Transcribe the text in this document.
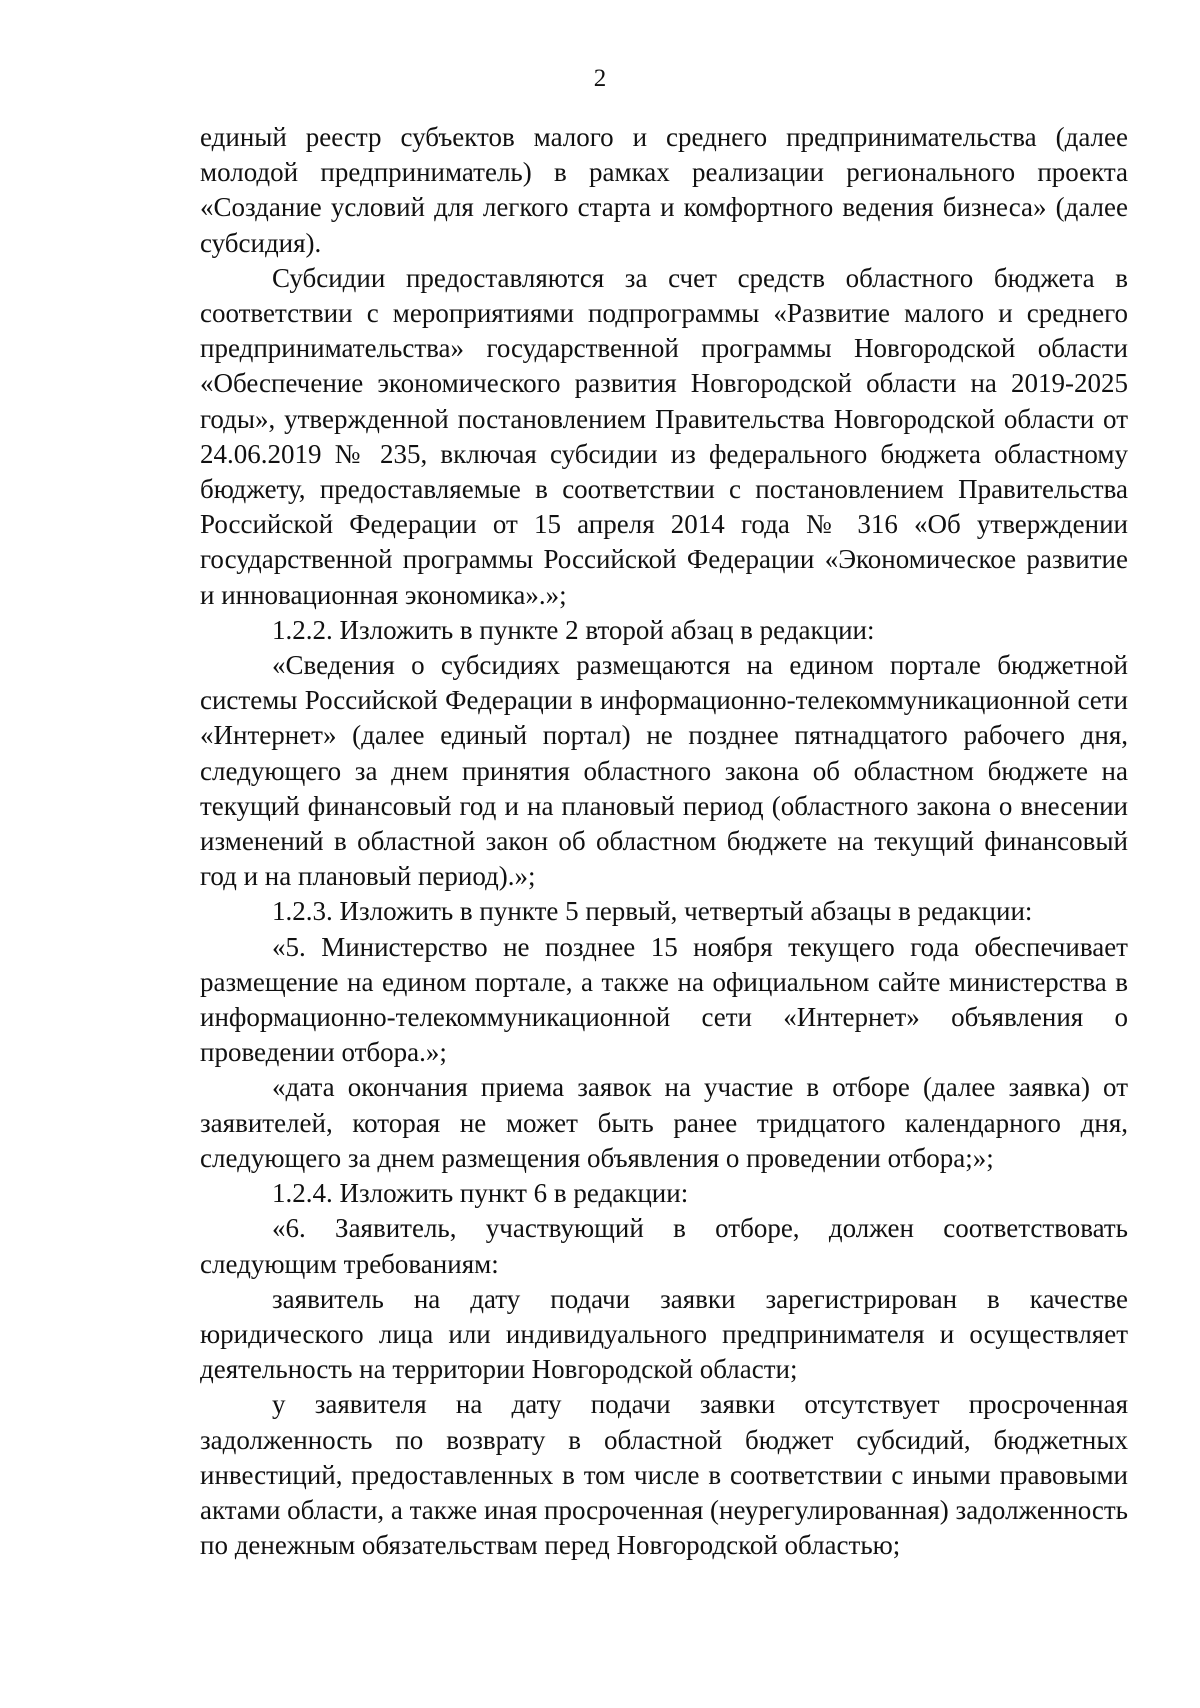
2

единый реестр субъектов малого и среднего предпринимательства (далее молодой предприниматель) в рамках реализации регионального проекта «Создание условий для легкого старта и комфортного ведения бизнеса» (далее субсидия).

Субсидии предоставляются за счет средств областного бюджета в соответствии с мероприятиями подпрограммы «Развитие малого и среднего предпринимательства» государственной программы Новгородской области «Обеспечение экономического развития Новгородской области на 2019-2025 годы», утвержденной постановлением Правительства Новгородской области от 24.06.2019 № 235, включая субсидии из федерального бюджета областному бюджету, предоставляемые в соответствии с постановлением Правительства Российской Федерации от 15 апреля 2014 года № 316 «Об утверждении государственной программы Российской Федерации «Экономическое развитие и инновационная экономика».»;

1.2.2. Изложить в пункте 2 второй абзац в редакции:

«Сведения о субсидиях размещаются на едином портале бюджетной системы Российской Федерации в информационно-телекоммуникационной сети «Интернет» (далее единый портал) не позднее пятнадцатого рабочего дня, следующего за днем принятия областного закона об областном бюджете на текущий финансовый год и на плановый период (областного закона о внесении изменений в областной закон об областном бюджете на текущий финансовый год и на плановый период).»;

1.2.3. Изложить в пункте 5 первый, четвертый абзацы в редакции:

«5. Министерство не позднее 15 ноября текущего года обеспечивает размещение на едином портале, а также на официальном сайте министерства в информационно-телекоммуникационной сети «Интернет» объявления о проведении отбора.»;

«дата окончания приема заявок на участие в отборе (далее заявка) от заявителей, которая не может быть ранее тридцатого календарного дня, следующего за днем размещения объявления о проведении отбора;»;

1.2.4. Изложить пункт 6 в редакции:

«6. Заявитель, участвующий в отборе, должен соответствовать следующим требованиям:

заявитель на дату подачи заявки зарегистрирован в качестве юридического лица или индивидуального предпринимателя и осуществляет деятельность на территории Новгородской области;

у заявителя на дату подачи заявки отсутствует просроченная задолженность по возврату в областной бюджет субсидий, бюджетных инвестиций, предоставленных в том числе в соответствии с иными правовыми актами области, а также иная просроченная (неурегулированная) задолженность по денежным обязательствам перед Новгородской областью;
